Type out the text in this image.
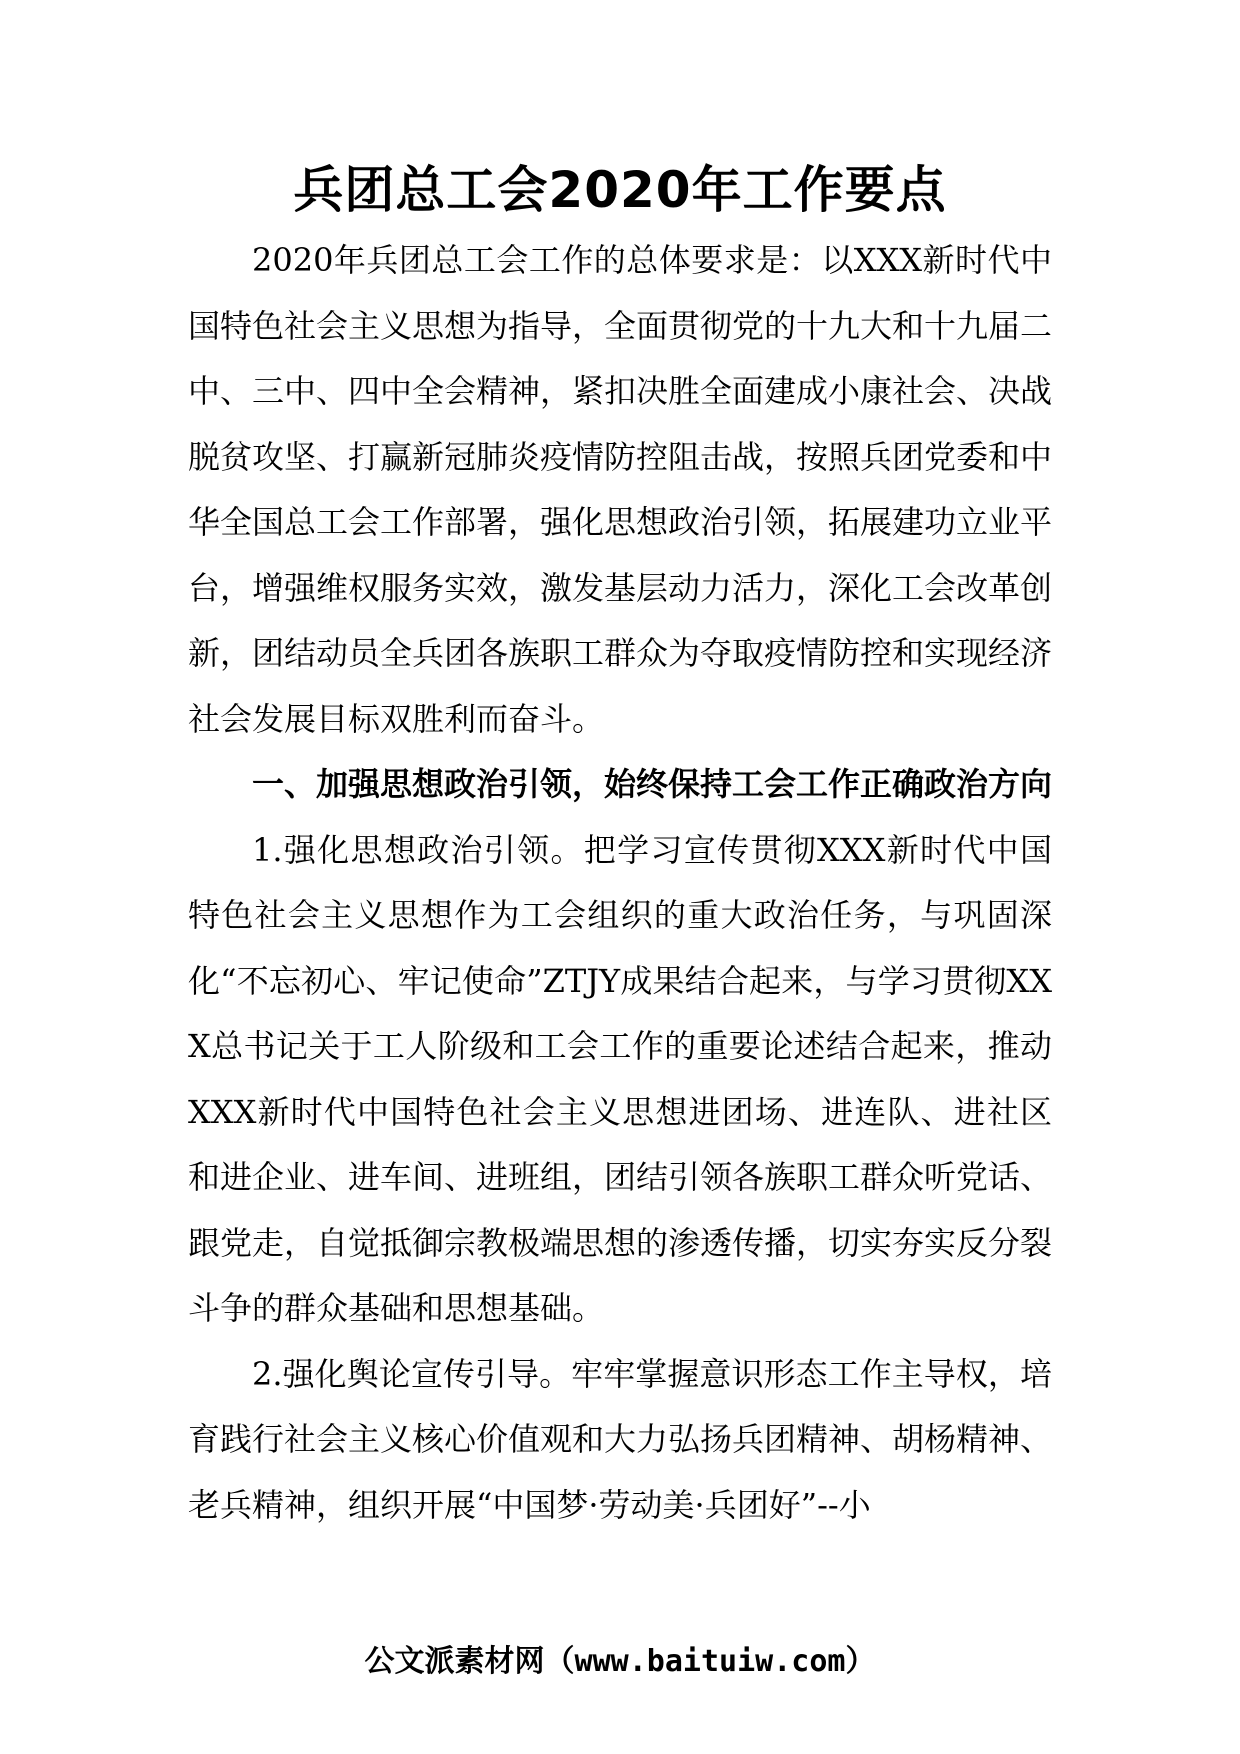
兵团总工会2020年工作要点

2020年兵团总工会工作的总体要求是：以XXX新时代中国特色社会主义思想为指导，全面贯彻党的十九大和十九届二中、三中、四中全会精神，紧扣决胜全面建成小康社会、决战脱贫攻坚、打赢新冠肺炎疫情防控阻击战，按照兵团党委和中华全国总工会工作部署，强化思想政治引领，拓展建功立业平台，增强维权服务实效，激发基层动力活力，深化工会改革创新，团结动员全兵团各族职工群众为夺取疫情防控和实现经济社会发展目标双胜利而奋斗。

一、加强思想政治引领，始终保持工会工作正确政治方向

1.强化思想政治引领。把学习宣传贯彻XXX新时代中国特色社会主义思想作为工会组织的重大政治任务，与巩固深化“不忘初心、牢记使命”ZTJY成果结合起来，与学习贯彻XXX总书记关于工人阶级和工会工作的重要论述结合起来，推动XXX新时代中国特色社会主义思想进团场、进连队、进社区和进企业、进车间、进班组，团结引领各族职工群众听党话、跟党走，自觉抵御宗教极端思想的渗透传播，切实夯实反分裂斗争的群众基础和思想基础。

2.强化舆论宣传引导。牢牢掌握意识形态工作主导权，培育践行社会主义核心价值观和大力弘扬兵团精神、胡杨精神、老兵精神，组织开展“中国梦·劳动美·兵团好”--小

公文派素材网（www.baituiw.com）
